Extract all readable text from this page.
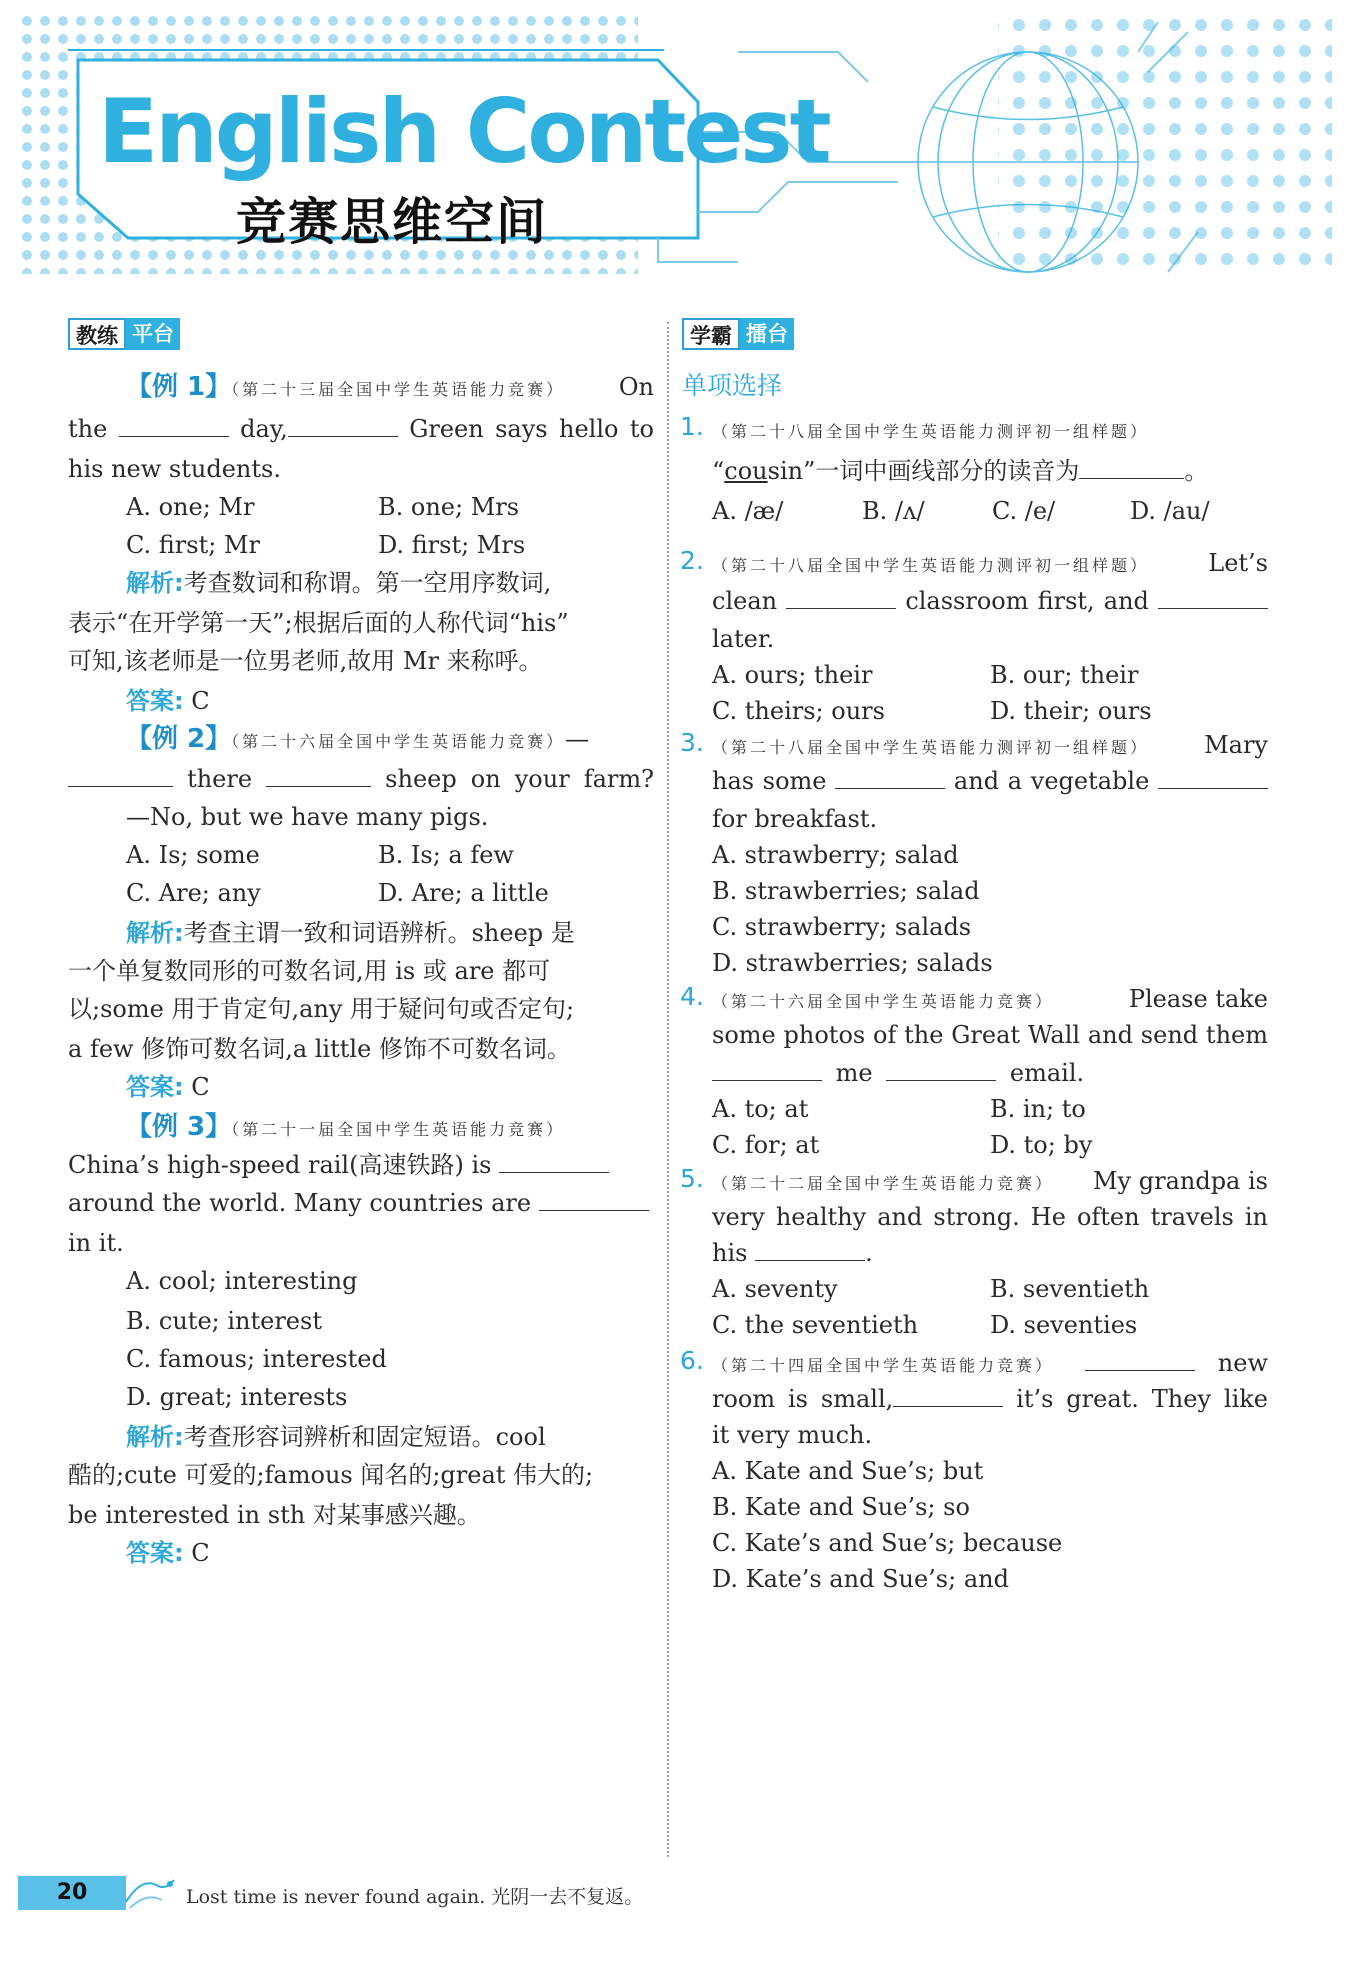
English Contest
竞赛思维空间
教练 平台
【例 1】（第二十三届全国中学生英语能力竞赛） On
the	day,	Green says hello to
his new students.
A. one; Mr	B. one; Mrs
C. first; Mr	D. first; Mrs
解析:考查数词和称谓。第一空用序数词,
表示“在开学第一天”;根据后面的人称代词“his”
可知,该老师是一位男老师,故用 Mr 来称呼。
答案: C
【例 2】（第二十六届全国中学生英语能力竞赛）—
there	sheep on your farm?
—No, but we have many pigs.
A. Is; some	B. Is; a few
C. Are; any	D. Are; a little
解析:考查主谓一致和词语辨析。sheep 是
一个单复数同形的可数名词,用 is 或 are 都可
以;some 用于肯定句,any 用于疑问句或否定句;
a few 修饰可数名词,a little 修饰不可数名词。
答案: C
【例 3】（第二十一届全国中学生英语能力竞赛）
China’s high-speed rail(高速铁路) is
around the world. Many countries are
in it.
A. cool; interesting
B. cute; interest
C. famous; interested
D. great; interests
解析:考查形容词辨析和固定短语。cool
酷的;cute 可爱的;famous 闻名的;great 伟大的;
be interested in sth 对某事感兴趣。
答案: C
学霸 擂台
单项选择
1. （第二十八届全国中学生英语能力测评初一组样题）
“cousin”一词中画线部分的读音为	。
A. /æ/	B. /ʌ/	C. /e/	D. /au/
2. （第二十八届全国中学生英语能力测评初一组样题） Let’s
clean	classroom first, and
later.
A. ours; their	B. our; their
C. theirs; ours	D. their; ours
3. （第二十八届全国中学生英语能力测评初一组样题） Mary
has some	and a vegetable
for breakfast.
A. strawberry; salad
B. strawberries; salad
C. strawberry; salads
D. strawberries; salads
4. （第二十六届全国中学生英语能力竞赛）	Please take
some photos of the Great Wall and send them
me	email.
A. to; at	B. in; to
C. for; at	D. to; by
5. （第二十二届全国中学生英语能力竞赛） My grandpa is
very healthy and strong. He often travels in
his	.
A. seventy	B. seventieth
C. the seventieth	D. seventies
6. （第二十四届全国中学生英语能力竞赛）	new
room is small,	it’s great. They like
it very much.
A. Kate and Sue’s; but
B. Kate and Sue’s; so
C. Kate’s and Sue’s; because
D. Kate’s and Sue’s; and
20	Lost time is never found again. 光阴一去不复返。
